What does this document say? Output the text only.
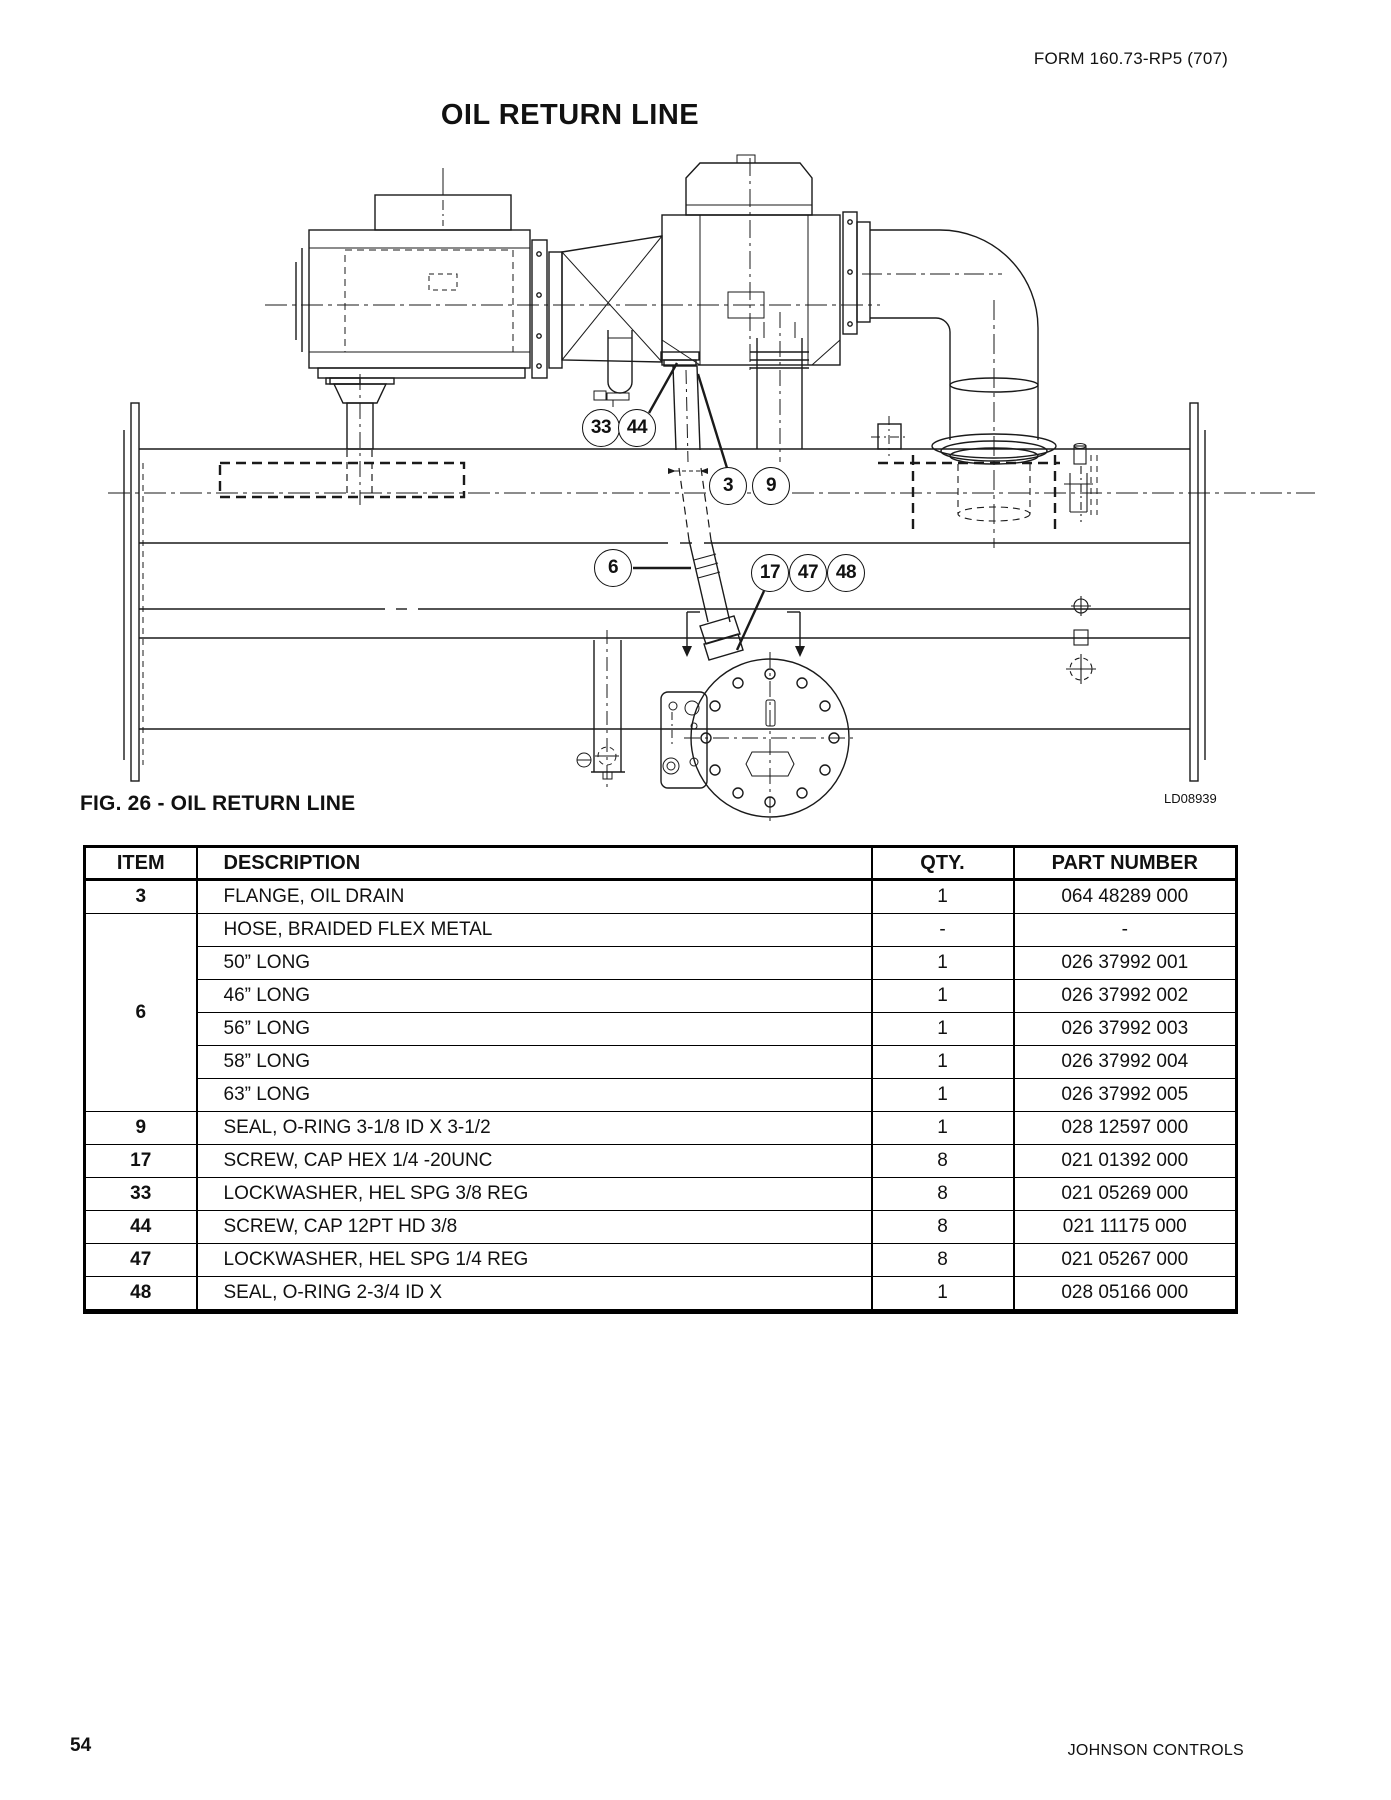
FORM 160.73-RP5 (707)
OIL RETURN LINE
33 44
3 9
6	17 47 48
FIG. 26 - OIL RETURN LINE	LD08939
ITEM	DESCRIPTION	QTY.	PART NUMBER
3	FLANGE, OIL DRAIN	1	064 48289 000
6	HOSE, BRAIDED FLEX METAL	-	-
	50” LONG	1	026 37992 001
	46” LONG	1	026 37992 002
	56” LONG	1	026 37992 003
	58” LONG	1	026 37992 004
	63” LONG	1	026 37992 005
9	SEAL, O-RING 3-1/8 ID X 3-1/2	1	028 12597 000
17	SCREW, CAP HEX 1/4 -20UNC	8	021 01392 000
33	LOCKWASHER, HEL SPG 3/8 REG	8	021 05269 000
44	SCREW, CAP 12PT HD 3/8	8	021 11175 000
47	LOCKWASHER, HEL SPG 1/4 REG	8	021 05267 000
48	SEAL, O-RING 2-3/4 ID X	1	028 05166 000
54	JOHNSON CONTROLS
